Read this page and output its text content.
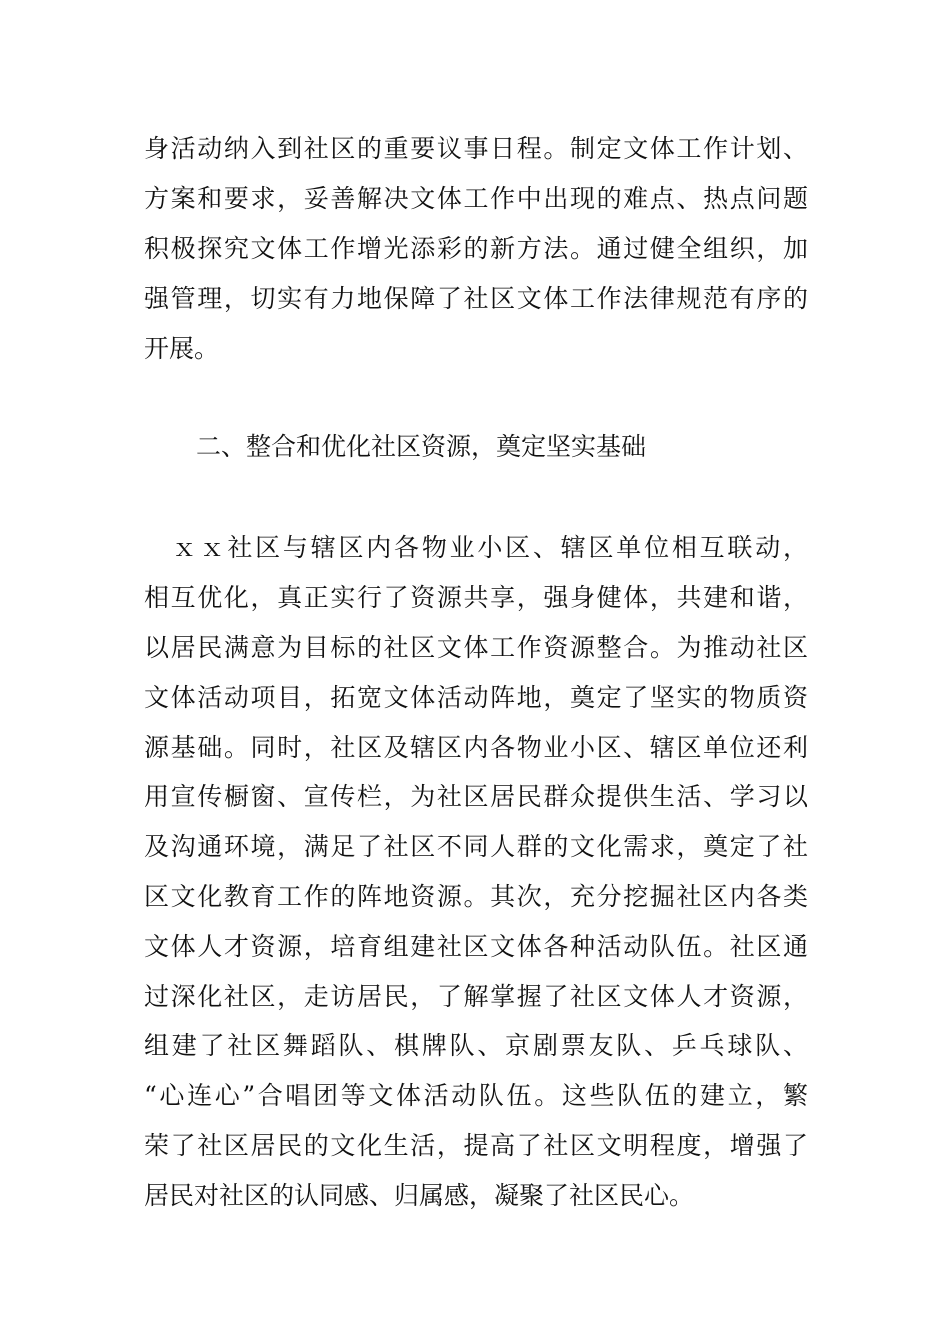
身活动纳入到社区的重要议事日程。制定文体工作计划、
方案和要求，妥善解决文体工作中出现的难点、热点问题
积极探究文体工作增光添彩的新方法。通过健全组织，加
强管理，切实有力地保障了社区文体工作法律规范有序的
开展。
二、整合和优化社区资源，奠定坚实基础
　ｘｘ社区与辖区内各物业小区、辖区单位相互联动，
相互优化，真正实行了资源共享，强身健体，共建和谐，
以居民满意为目标的社区文体工作资源整合。为推动社区
文体活动项目，拓宽文体活动阵地，奠定了坚实的物质资
源基础。同时，社区及辖区内各物业小区、辖区单位还利
用宣传橱窗、宣传栏，为社区居民群众提供生活、学习以
及沟通环境，满足了社区不同人群的文化需求，奠定了社
区文化教育工作的阵地资源。其次，充分挖掘社区内各类
文体人才资源，培育组建社区文体各种活动队伍。社区通
过深化社区，走访居民，了解掌握了社区文体人才资源，
组建了社区舞蹈队、棋牌队、京剧票友队、乒乓球队、
“心连心”合唱团等文体活动队伍。这些队伍的建立，繁
荣了社区居民的文化生活，提高了社区文明程度，增强了
居民对社区的认同感、归属感，凝聚了社区民心。
